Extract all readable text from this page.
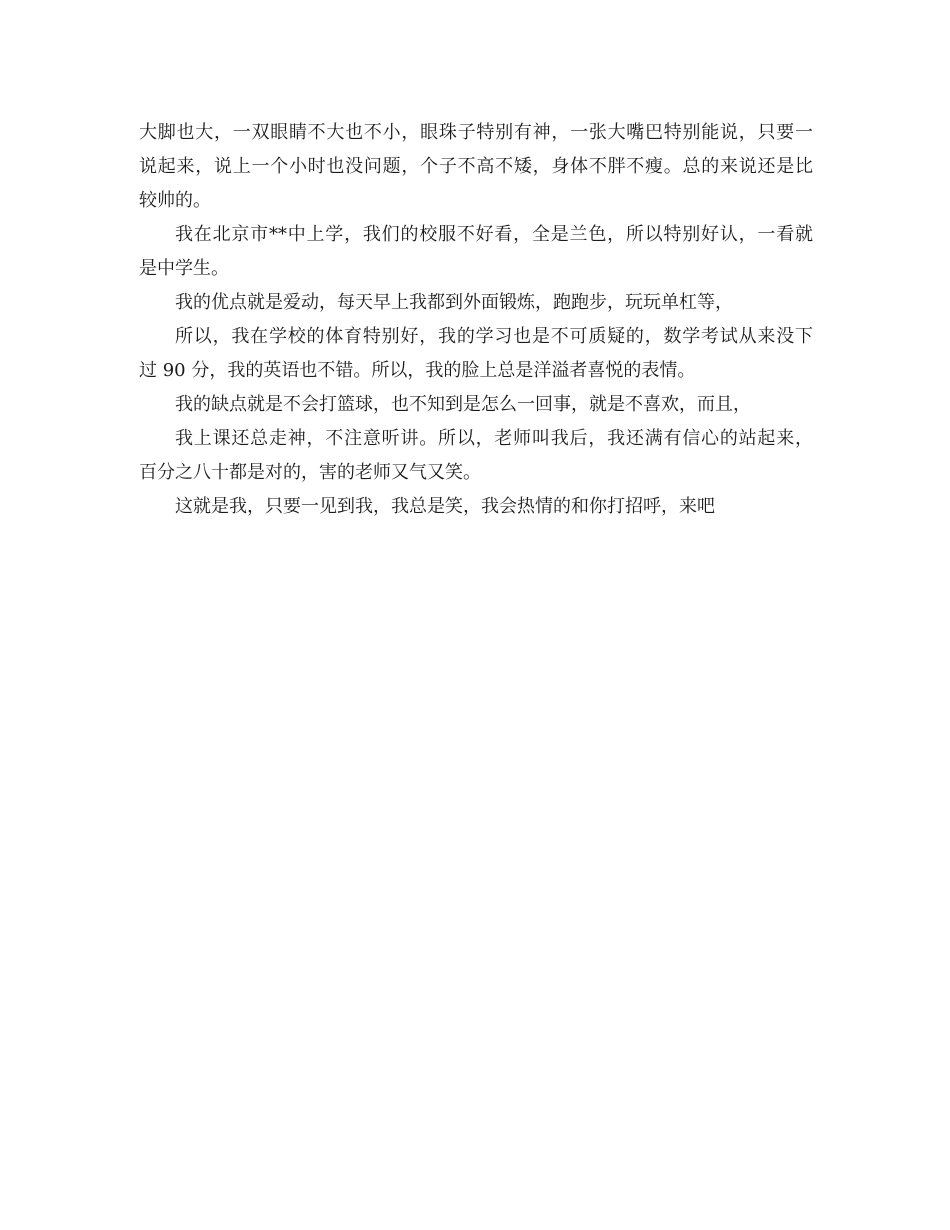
大脚也大，一双眼睛不大也不小，眼珠子特别有神，一张大嘴巴特别能说，只要一
说起来，说上一个小时也没问题，个子不高不矮，身体不胖不瘦。总的来说还是比
较帅的。
我在北京市**中上学，我们的校服不好看，全是兰色，所以特别好认，一看就
是中学生。
我的优点就是爱动，每天早上我都到外面锻炼，跑跑步，玩玩单杠等，
所以，我在学校的体育特别好，我的学习也是不可质疑的，数学考试从来没下
过 90 分，我的英语也不错。所以，我的脸上总是洋溢者喜悦的表情。
我的缺点就是不会打篮球，也不知到是怎么一回事，就是不喜欢，而且，
我上课还总走神，不注意听讲。所以，老师叫我后，我还满有信心的站起来，
百分之八十都是对的，害的老师又气又笑。
这就是我，只要一见到我，我总是笑，我会热情的和你打招呼，来吧
